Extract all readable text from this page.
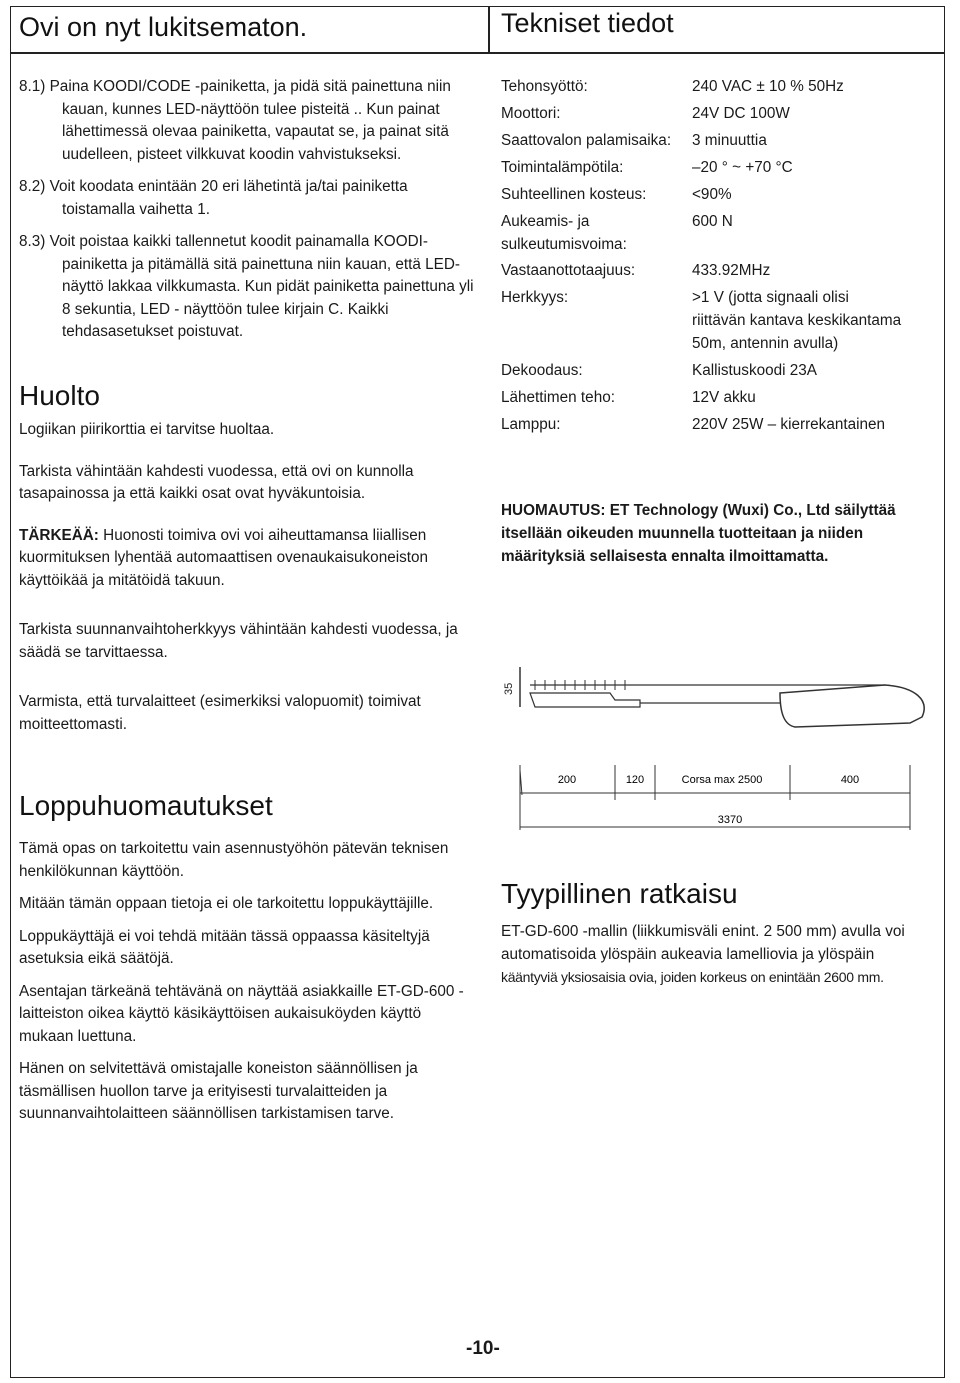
Ovi on nyt lukitsematon.	Tekniset tiedot

8.1) Paina KOODI/CODE -painiketta, ja pidä sitä painettuna niin kauan, kunnes LED-näyttöön tulee pisteitä .. Kun painat lähettimessä olevaa painiketta, vapautat se, ja painat sitä uudelleen, pisteet vilkkuvat koodin vahvistukseksi.

8.2) Voit koodata enintään 20 eri lähetintä ja/tai painiketta toistamalla vaihetta 1.

8.3) Voit poistaa kaikki tallennetut koodit painamalla KOODI-painiketta ja pitämällä sitä painettuna niin kauan, että LED-näyttö lakkaa vilkkumasta. Kun pidät painiketta painettuna yli 8 sekuntia, LED - näyttöön tulee kirjain C. Kaikki tehdasasetukset poistuvat.

Huolto

Logiikan piirikorttia ei tarvitse huoltaa.

Tarkista vähintään kahdesti vuodessa, että ovi on kunnolla tasapainossa ja että kaikki osat ovat hyväkuntoisia.

TÄRKEÄÄ: Huonosti toimiva ovi voi aiheuttamansa liiallisen kuormituksen lyhentää automaattisen ovenaukaisukoneiston käyttöikää ja mitätöidä takuun.

Tarkista suunnanvaihtoherkkyys vähintään kahdesti vuodessa, ja säädä se tarvittaessa.

Varmista, että turvalaitteet (esimerkiksi valopuomit) toimivat moitteettomasti.

Loppuhuomautukset

Tämä opas on tarkoitettu vain asennustyöhön pätevän teknisen henkilökunnan käyttöön.

Mitään tämän oppaan tietoja ei ole tarkoitettu loppukäyttäjille.

Loppukäyttäjä ei voi tehdä mitään tässä oppaassa käsiteltyjä asetuksia eikä säätöjä.

Asentajan tärkeänä tehtävänä on näyttää asiakkaille ET-GD-600 -laitteiston oikea käyttö käsikäyttöisen aukaisuköyden käyttö mukaan luettuna.

Hänen on selvitettävä omistajalle koneiston säännöllisen ja täsmällisen huollon tarve ja erityisesti turvalaitteiden ja suunnanvaihtolaitteen säännöllisen tarkistamisen tarve.

Tehonsyöttö:	240 VAC ± 10 % 50Hz
Moottori:	24V DC 100W
Saattovalon palamisaika: 3 minuuttia
Toimintalämpötila:	–20 ° ~ +70 °C
Suhteellinen kosteus:	<90%
Aukeamis- ja
sulkeutumisvoima:
600 N
Vastaanottotaajuus:	433.92MHz
Herkkyys:	>1 V (jotta signaali olisi
riittävän kantava keskikantama
50m, antennin avulla)
Dekoodaus:	Kallistuskoodi 23A
Lähettimen teho:	12V akku
Lamppu:	220V 25W – kierrekantainen
HUOMAUTUS: ET Technology (Wuxi) Co., Ltd säilyttää itsellään oikeuden muunnella tuotteitaan ja niiden määrityksiä sellaisesta ennalta ilmoittamatta.
35
200	120	Corsa max 2500	400
3370
Tyypillinen ratkaisu

ET-GD-600 -mallin (liikkumisväli enint. 2 500 mm) avulla voi automatisoida ylöspäin aukeavia lamelliovia ja ylöspäin

kääntyviä yksiosaisia ovia, joiden korkeus on enintään 2600 mm.

-10-
